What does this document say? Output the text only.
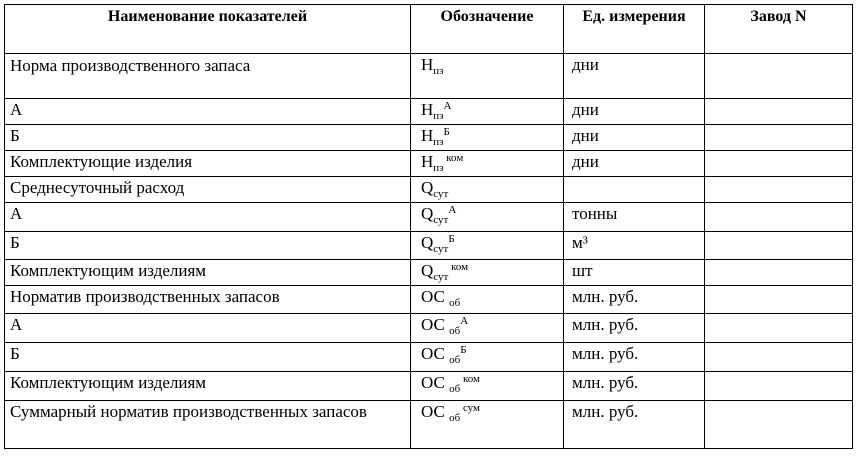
Наименование показателей	Обозначение	Ед. измерения	Завод N
Норма производственного запаса	$Н_{пз}$	дни	
А	$Н_{пз}^А$	дни	
Б	$Н_{пз}^Б$	дни	
Комплектующие изделия	$Н_{пз}$ $^{ком}$	дни	
Среднесуточный расход	$Q_{сут}$		
А	$Q_{сут}^А$	тонны	
Б	$Q_{сут}^Б$	м³	
Комплектующим изделиям	$Q_{сут}$ $^{ком}$	шт	
Норматив производственных запасов	ОС $_{об}$	млн. руб.	
А	ОС $_{об}^А$	млн. руб.	
Б	ОС $_{об}^Б$	млн. руб.	
Комплектующим изделиям	ОС $_{об}$ $^{ком}$	млн. руб.	
Суммарный норматив производственных запасов	ОС $_{об}$ $^{сум}$	млн. руб.	
